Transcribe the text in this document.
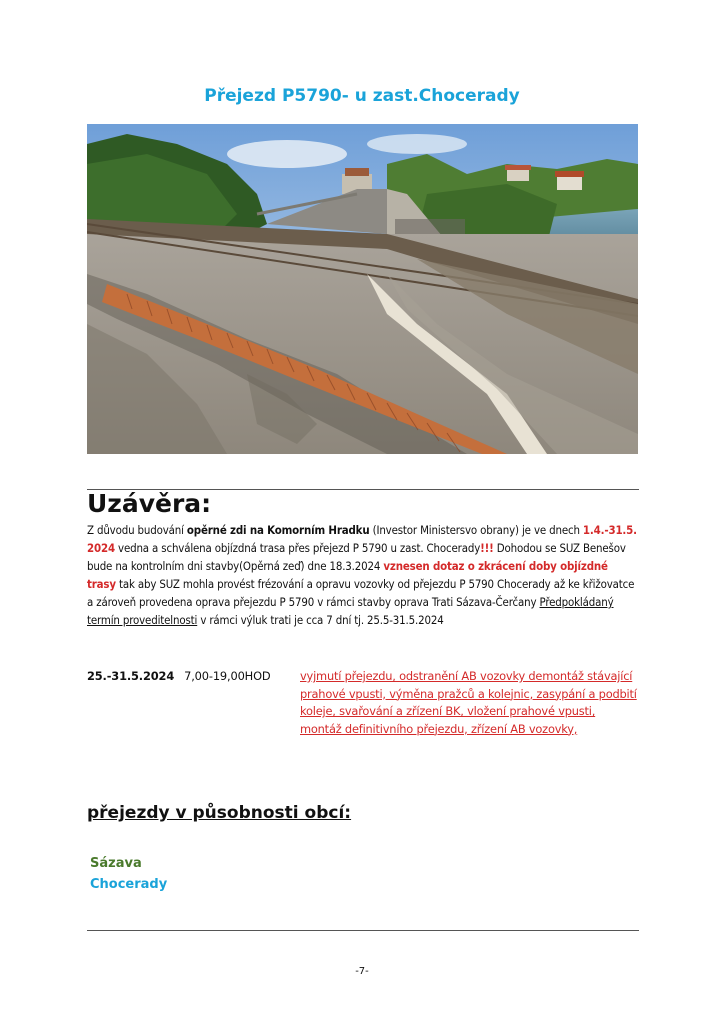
Přejezd P5790- u zast.Chocerady
Uzávěra:
Z důvodu budování opěrné zdi na Komorním Hradku (Investor Ministersvo obrany) je ve dnech 1.4.-31.5. 2024 vedna a schválena objízdná trasa přes přejezd P 5790 u zast. Chocerady!!! Dohodou se SUZ Benešov bude na kontrolním dni stavby(Opěrná zeď) dne 18.3.2024 vznesen dotaz o zkrácení doby objízdné trasy tak aby SUZ mohla provést frézování a opravu vozovky od přejezdu P 5790 Chocerady až ke křižovatce a zároveň provedena oprava přejezdu P 5790 v rámci stavby oprava Trati Sázava-Čerčany Předpokládaný termín proveditelnosti v rámci výluk trati je cca 7 dní tj. 25.5-31.5.2024
25.-31.5.2024 7,00-19,00HOD	vyjmutí přejezdu, odstranění AB vozovky demontáž stávající prahové vpusti, výměna pražců a kolejnic, zasypání a podbití koleje, svařování a zřízení BK, vložení prahové vpusti, montáž definitivního přejezdu, zřízení AB vozovky,
přejezdy v působnosti obcí:
Sázava
Chocerady
-7-
